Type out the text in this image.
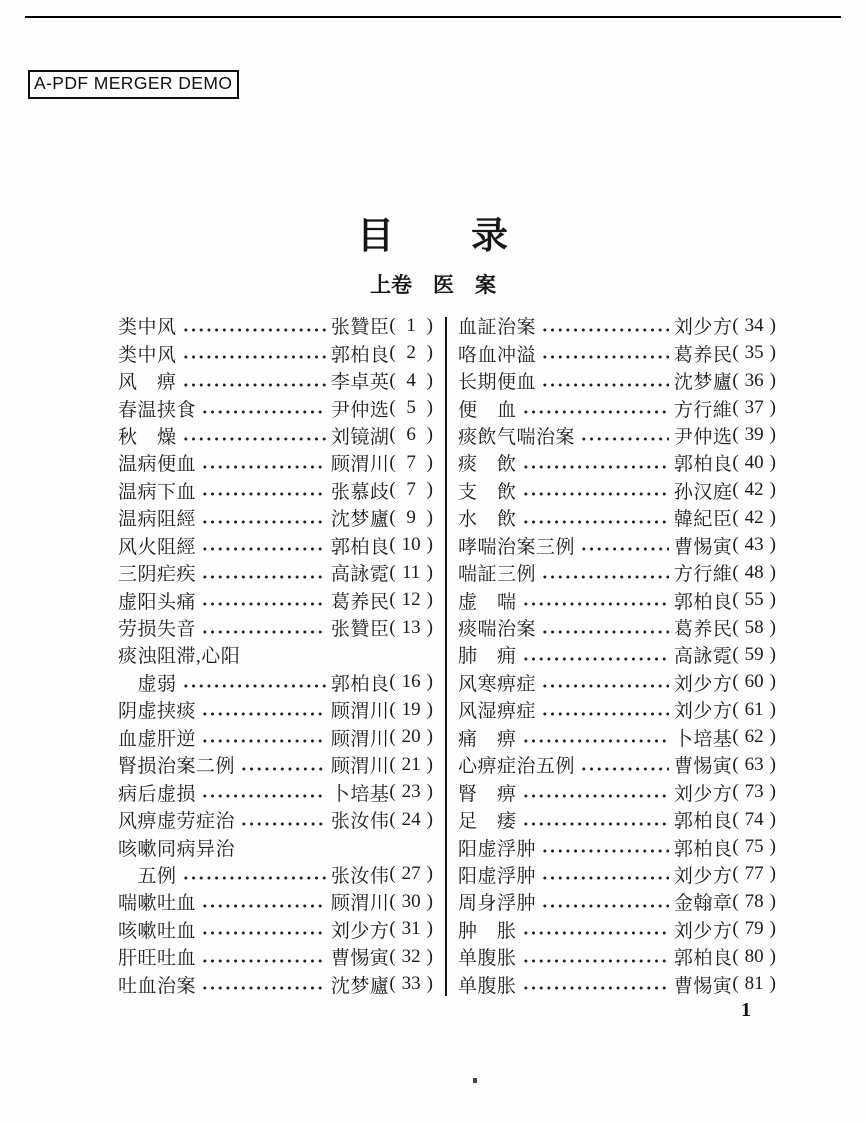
A-PDF MERGER DEMO
目　　录
上卷　医　案
类中风	张贊臣 ( 1 )
类中风	郭柏良 ( 2 )
风　痹	李卓英 ( 4 )
春温挟食	尹仲选 ( 5 )
秋　燥	刘镜湖 ( 6 )
温病便血	顾渭川 ( 7 )
温病下血	张慕歧 ( 7 )
温病阻經	沈梦廬 ( 9 )
风火阻經	郭柏良 ( 10 )
三阴疟疾	高詠霓 ( 11 )
虚阳头痛	葛养民 ( 12 )
劳损失音	张贊臣 ( 13 )
痰浊阻滞,心阳
　虚弱	郭柏良 ( 16 )
阴虚挟痰	顾渭川 ( 19 )
血虚肝逆	顾渭川 ( 20 )
腎损治案二例	顾渭川 ( 21 )
病后虚损	卜培基 ( 23 )
风痹虚劳症治	张汝伟 ( 24 )
咳嗽同病异治
　五例	张汝伟 ( 27 )
喘嗽吐血	顾渭川 ( 30 )
咳嗽吐血	刘少方 ( 31 )
肝旺吐血	曹惕寅 ( 32 )
吐血治案	沈梦廬 ( 33 )
血証治案	刘少方 ( 34 )
咯血冲溢	葛养民 ( 35 )
长期便血	沈梦廬 ( 36 )
便　血	方行維 ( 37 )
痰飲气喘治案	尹仲选 ( 39 )
痰　飲	郭柏良 ( 40 )
支　飲	孙汉庭 ( 42 )
水　飲	韓紀臣 ( 42 )
哮喘治案三例	曹惕寅 ( 43 )
喘証三例	方行維 ( 48 )
虚　喘	郭柏良 ( 55 )
痰喘治案	葛养民 ( 58 )
肺　痈	高詠霓 ( 59 )
风寒痹症	刘少方 ( 60 )
风湿痹症	刘少方 ( 61 )
痛　痹	卜培基 ( 62 )
心痹症治五例	曹惕寅 ( 63 )
腎　痹	刘少方 ( 73 )
足　痿	郭柏良 ( 74 )
阳虚浮肿	郭柏良 ( 75 )
阳虚浮肿	刘少方 ( 77 )
周身浮肿	金翰章 ( 78 )
肿　胀	刘少方 ( 79 )
单腹胀	郭柏良 ( 80 )
单腹胀	曹惕寅 ( 81 )
1
